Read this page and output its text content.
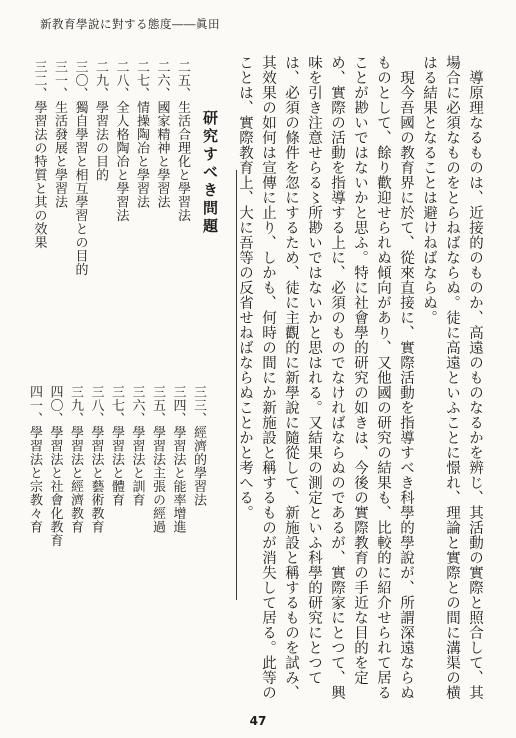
新教育學說に對する態度――眞田

導原理なるものは、近接的のものか、高遠のものなるかを辨じ、其活動の實際と照合して、其場合に必須なものをとらねばならぬ。徒に高遠といふことに憬れ、理論と實際との間に溝渠の横はる結果となることは避けねばならぬ。

現今吾國の教育界に於て、從來直接に、實際活動を指導すべき科學的學說が、所謂深遠ならぬものとして、餘り歡迎せられぬ傾向があり、又他國の研究の結果も、比較的に紹介せられて居ることが尠いではないかと思ふ。特に社會學的研究の如きは、今後の實際教育の手近な目的を定め、實際の活動を指導する上に、必須のものでなければならぬのであるが、實際家にとつて、興味を引き注意せらる〻所尠いではないかと思はれる。又結果の測定といふ科學的研究にとつては、必須の條件を忽にするため、徒に主觀的に新學說に隨從して、新施設と稱するものを試み、其效果の如何は宣傳に止り、しかも、何時の間にか新施設と稱するものが消失して居る。此等のことは、實際教育上、大に吾等の反省せねばならぬことかと考へる。

研究すべき問題
二五、生活合理化と學習法
二六、國家精神と學習法
二七、情操陶冶と學習法
二八、全人格陶冶と學習法
二九、學習法の目的
三〇、獨自學習と相互學習との目的
三一、生活發展と學習法
三二、學習法の特質と其の效果
三三、經濟的學習法
三四、學習法と能率增進
三五、學習法主張の經過
三六、學習法と訓育
三七、學習法と體育
三八、學習法と藝術教育
三九、學習法と經濟教育
四〇、學習法と社會化教育
四一、學習法と宗教々育
47
